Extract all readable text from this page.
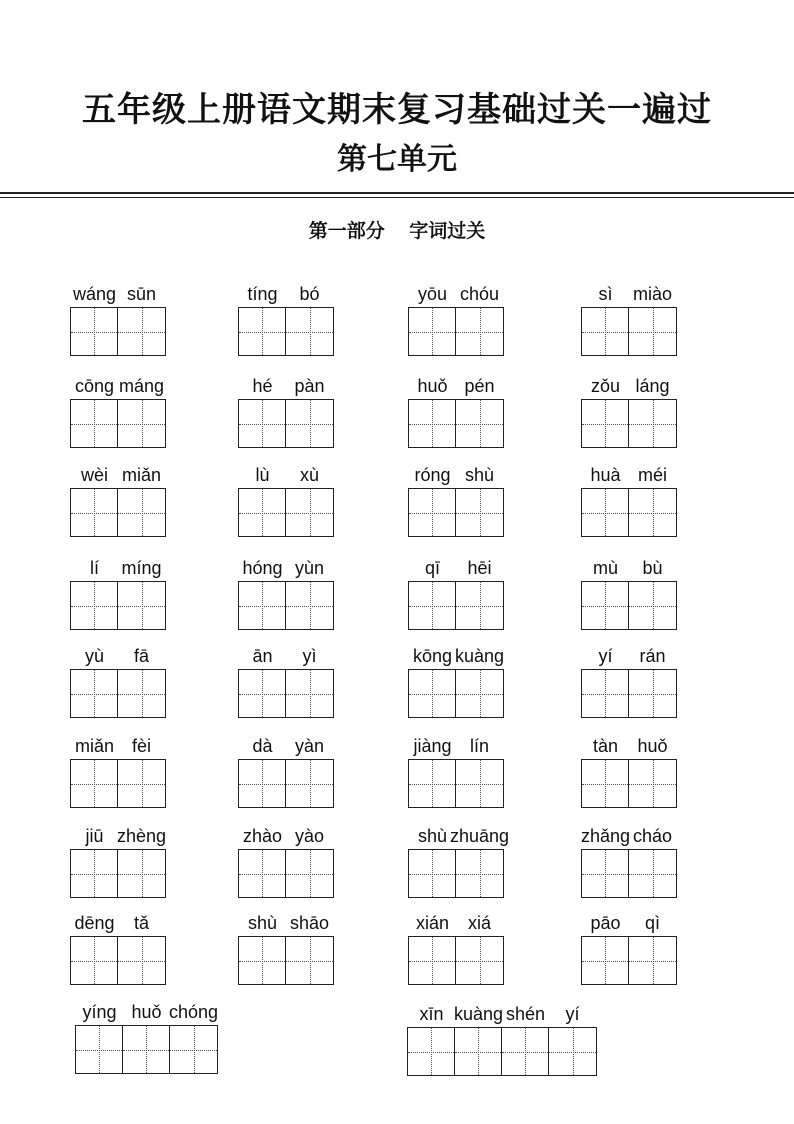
五年级上册语文期末复习基础过关一遍过
第七单元
第一部分 字词过关
wáng sūn	tíng bó	yōu chóu	sì miào
cōng máng	hé pàn	huǒ pén	zǒu láng
wèi miǎn	lù xù	róng shù	huà méi
lí míng	hóng yùn	qī hēi	mù bù
yù fā	ān yì	kōng kuàng	yí rán
miǎn fèi	dà yàn	jiàng lín	tàn huǒ
jiū zhèng	zhào yào	shù zhuāng	zhǎng cháo
dēng tǎ	shù shāo	xián xiá	pāo qì
yíng huǒ chóng	xīn kuàng shén yí
